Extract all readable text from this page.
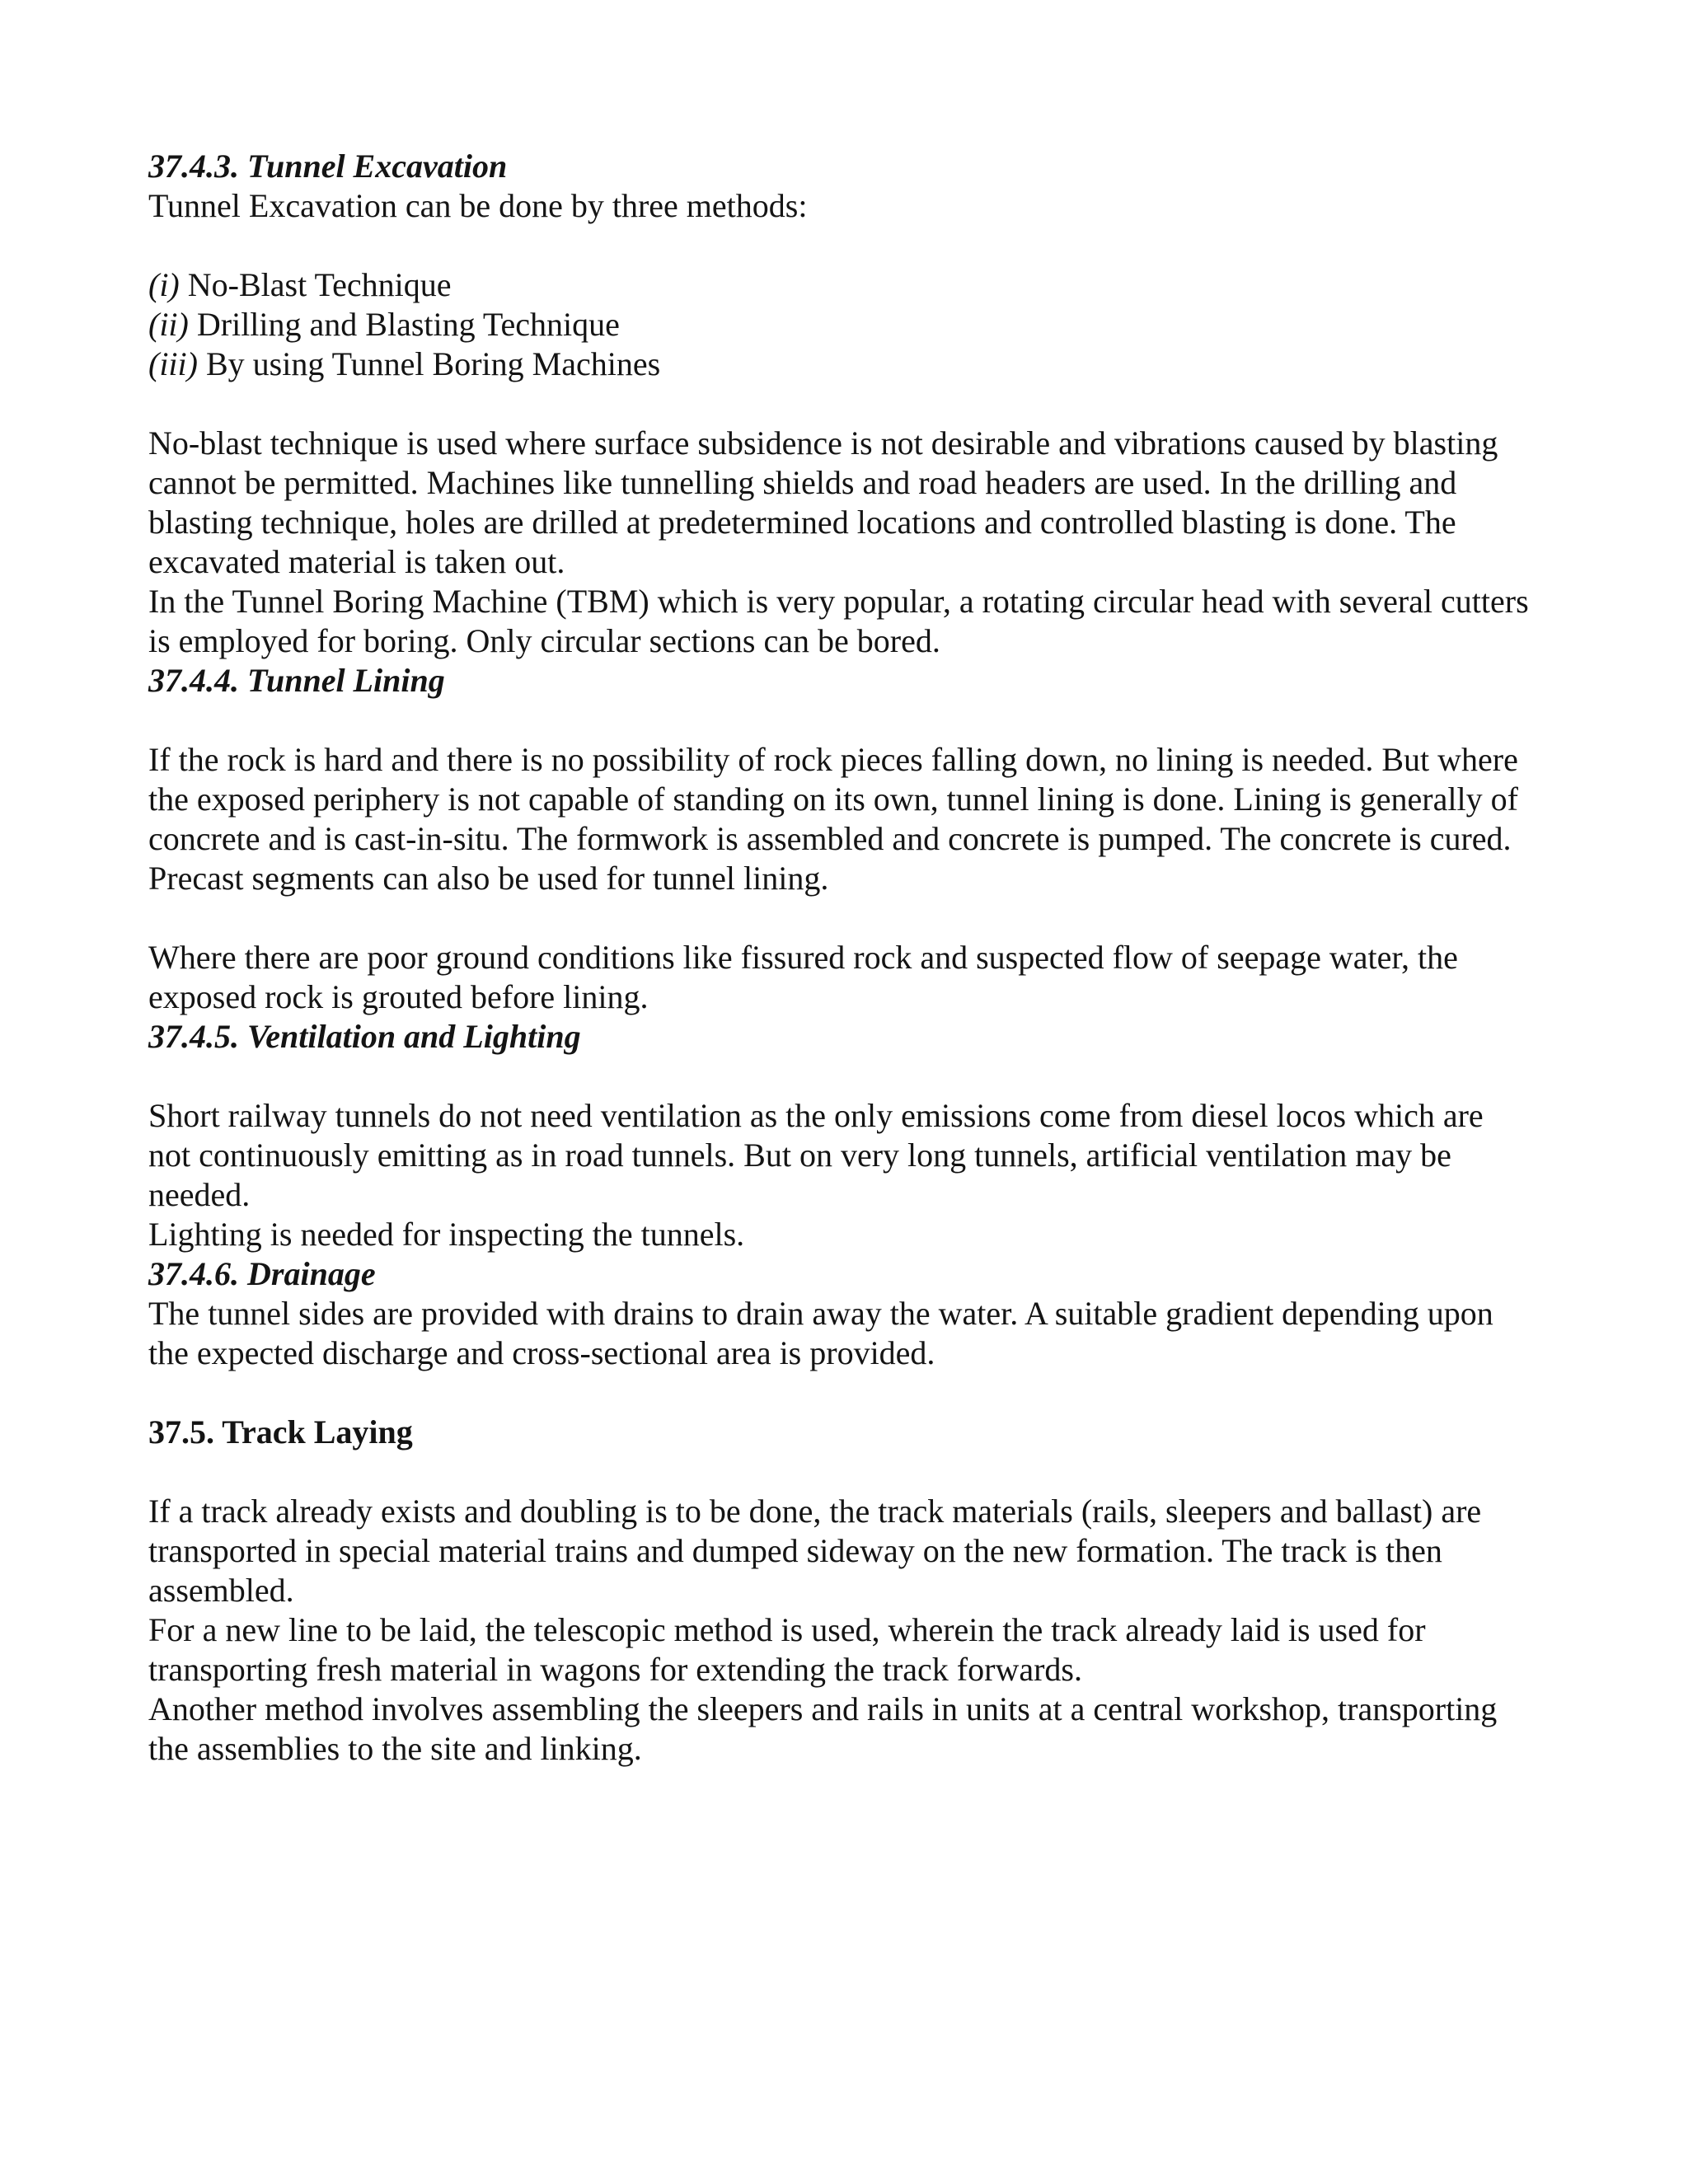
37.4.3. Tunnel Excavation
Tunnel Excavation can be done by three methods:
(i) No-Blast Technique
(ii) Drilling and Blasting Technique
(iii) By using Tunnel Boring Machines
No-blast technique is used where surface subsidence is not desirable and vibrations caused by blasting
cannot be permitted. Machines like tunnelling shields and road headers are used. In the drilling and
blasting technique, holes are drilled at predetermined locations and controlled blasting is done. The
excavated material is taken out.
In the Tunnel Boring Machine (TBM) which is very popular, a rotating circular head with several cutters
is employed for boring. Only circular sections can be bored.
37.4.4. Tunnel Lining
If the rock is hard and there is no possibility of rock pieces falling down, no lining is needed. But where
the exposed periphery is not capable of standing on its own, tunnel lining is done. Lining is generally of
concrete and is cast-in-situ. The formwork is assembled and concrete is pumped. The concrete is cured.
Precast segments can also be used for tunnel lining.
Where there are poor ground conditions like fissured rock and suspected flow of seepage water, the
exposed rock is grouted before lining.
37.4.5. Ventilation and Lighting
Short railway tunnels do not need ventilation as the only emissions come from diesel locos which are
not continuously emitting as in road tunnels. But on very long tunnels, artificial ventilation may be
needed.
Lighting is needed for inspecting the tunnels.
37.4.6. Drainage
The tunnel sides are provided with drains to drain away the water. A suitable gradient depending upon
the expected discharge and cross-sectional area is provided.
37.5. Track Laying
If a track already exists and doubling is to be done, the track materials (rails, sleepers and ballast) are
transported in special material trains and dumped sideway on the new formation. The track is then
assembled.
For a new line to be laid, the telescopic method is used, wherein the track already laid is used for
transporting fresh material in wagons for extending the track forwards.
Another method involves assembling the sleepers and rails in units at a central workshop, transporting
the assemblies to the site and linking.
